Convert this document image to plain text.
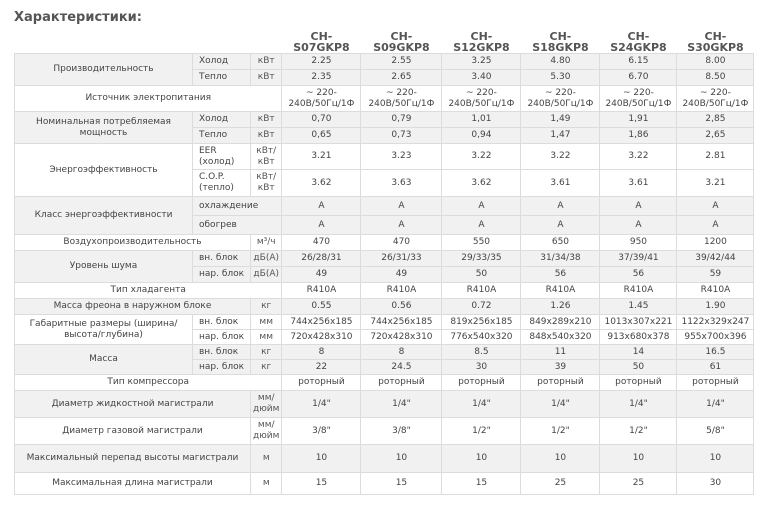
Характеристики:
			CH-S07GKP8	CH-S09GKP8	CH-S12GKP8	CH-S18GKP8	CH-S24GKP8	CH-S30GKP8
Производительность	Холод	кВт	2.25	2.55	3.25	4.80	6.15	8.00
	Тепло	кВт	2.35	2.65	3.40	5.30	6.70	8.50
Источник электропитания			~ 220-240В/50Гц/1Ф	~ 220-240В/50Гц/1Ф	~ 220-240В/50Гц/1Ф	~ 220-240В/50Гц/1Ф	~ 220-240В/50Гц/1Ф	~ 220-240В/50Гц/1Ф
Номинальная потребляемая мощность	Холод	кВт	0,70	0,79	1,01	1,49	1,91	2,85
	Тепло	кВт	0,65	0,73	0,94	1,47	1,86	2,65
Энергоэффективность	EER (холод)	кВт/ кВт	3.21	3.23	3.22	3.22	3.22	2.81
	C.O.P. (тепло)	кВт/ кВт	3.62	3.63	3.62	3.61	3.61	3.21
Класс энергоэффективности	охлаждение		A	A	A	A	A	A
	обогрев		A	A	A	A	A	A
Воздухопроизводительность		м³/ч	470	470	550	650	950	1200
Уровень шума	вн. блок	дБ(А)	26/28/31	26/31/33	29/33/35	31/34/38	37/39/41	39/42/44
	нар. блок	дБ(А)	49	49	50	56	56	59
Тип хладагента			R410A	R410A	R410A	R410A	R410A	R410A
Масса фреона в наружном блоке		кг	0.55	0.56	0.72	1.26	1.45	1.90
Габаритные размеры (ширина/высота/глубина)	вн. блок	мм	744x256x185	744x256x185	819x256x185	849x289x210	1013x307x221	1122x329x247
	нар. блок	мм	720x428x310	720x428x310	776x540x320	848x540x320	913x680x378	955x700x396
Масса	вн. блок	кг	8	8	8.5	11	14	16.5
	нар. блок	кг	22	24.5	30	39	50	61
Тип компрессора			роторный	роторный	роторный	роторный	роторный	роторный
Диаметр жидкостной магистрали		мм/ дюйм	1/4"	1/4"	1/4"	1/4"	1/4"	1/4"
Диаметр газовой магистрали		мм/ дюйм	3/8"	3/8"	1/2"	1/2"	1/2"	5/8"
Максимальный перепад высоты магистрали		м	10	10	10	10	10	10
Максимальная длина магистрали		м	15	15	15	25	25	30
